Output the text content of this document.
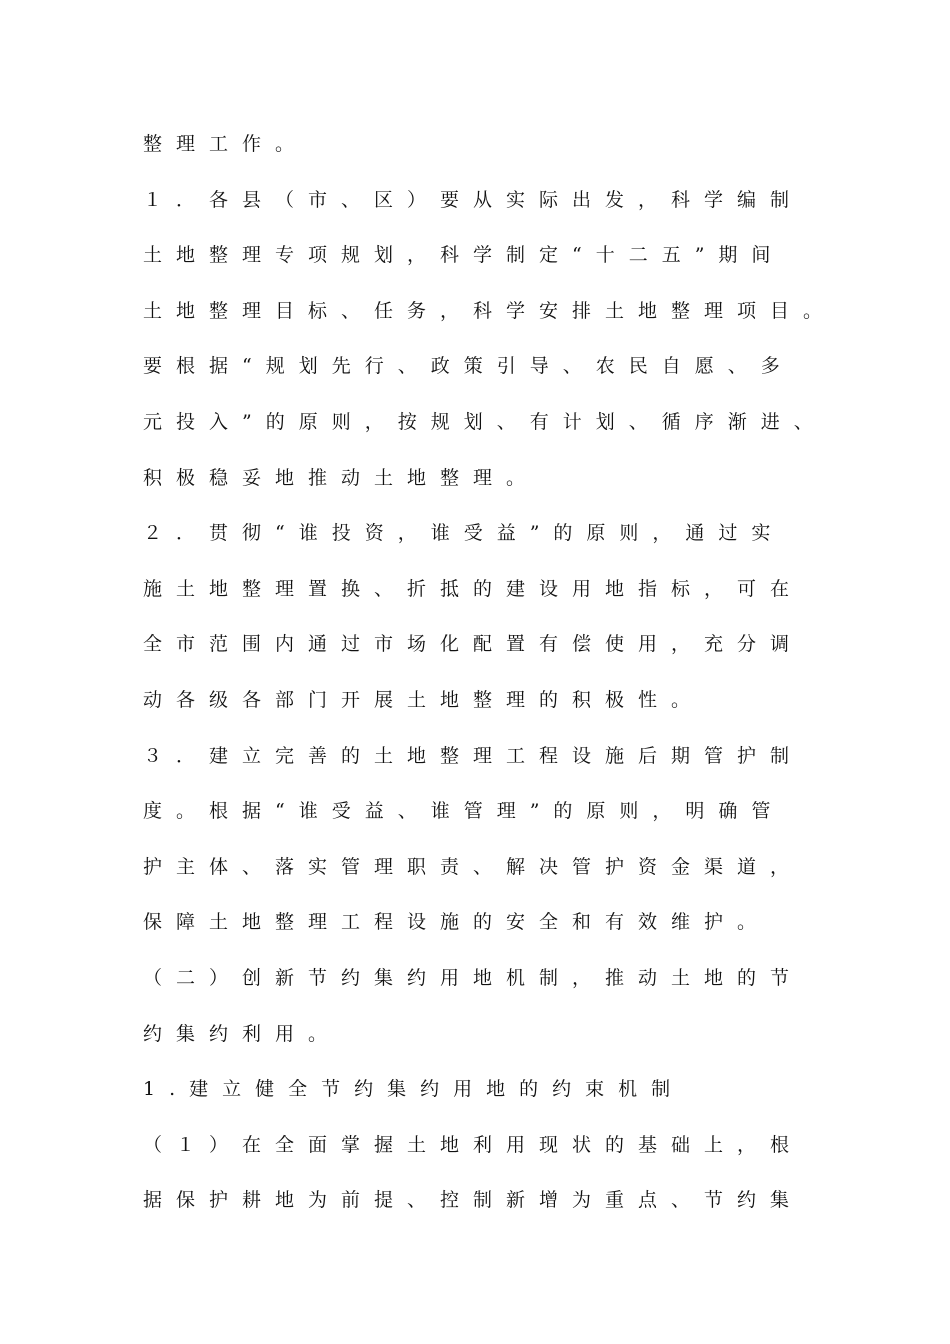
整理工作。
１．各县（市、区）要从实际出发，科学编制
土地整理专项规划，科学制定“十二五”期间
土地整理目标、任务，科学安排土地整理项目。
要根据“规划先行、政策引导、农民自愿、多
元投入”的原则，按规划、有计划、循序渐进、
积极稳妥地推动土地整理。
２．贯彻“谁投资，谁受益”的原则，通过实
施土地整理置换、折抵的建设用地指标，可在
全市范围内通过市场化配置有偿使用，充分调
动各级各部门开展土地整理的积极性。
３．建立完善的土地整理工程设施后期管护制
度。根据“谁受益、谁管理”的原则，明确管
护主体、落实管理职责、解决管护资金渠道，
保障土地整理工程设施的安全和有效维护。
（二）创新节约集约用地机制，推动土地的节
约集约利用。
1.建立健全节约集约用地的约束机制
（１）在全面掌握土地利用现状的基础上，根
据保护耕地为前提、控制新增为重点、节约集
